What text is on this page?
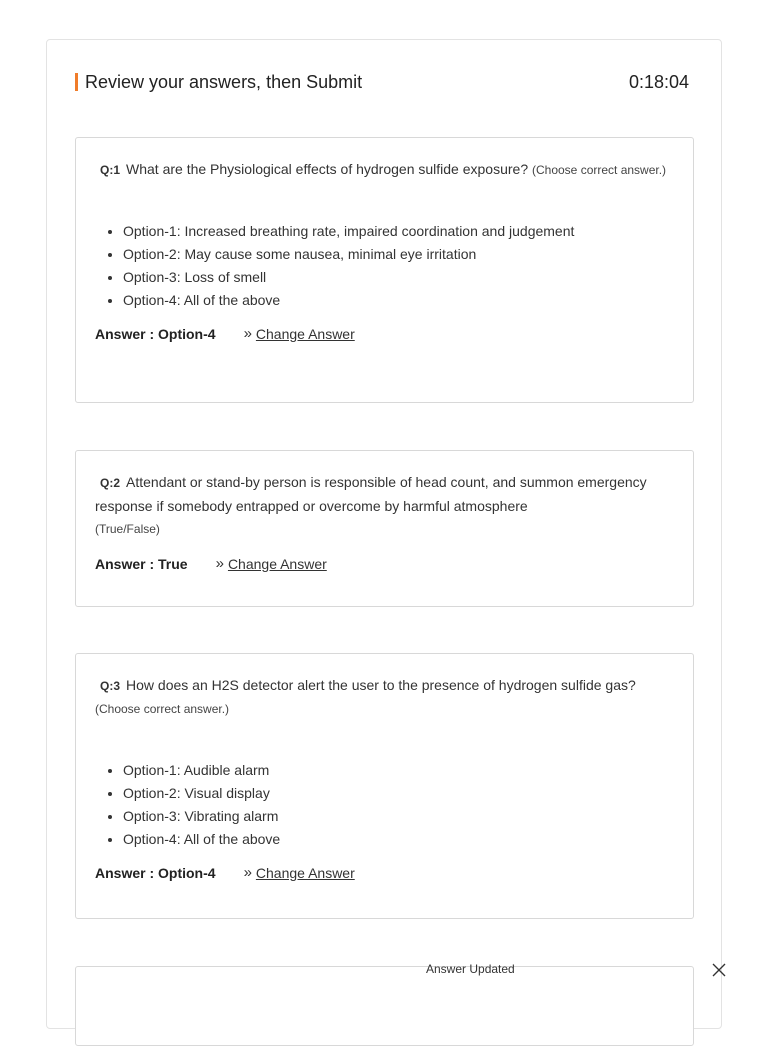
Review your answers, then Submit	0:18:04
Q:1 What are the Physiological effects of hydrogen sulfide exposure? (Choose correct answer.)
• Option-1: Increased breathing rate, impaired coordination and judgement
• Option-2: May cause some nausea, minimal eye irritation
• Option-3: Loss of smell
• Option-4: All of the above
Answer : Option-4 » Change Answer
Q:2 Attendant or stand-by person is responsible of head count, and summon emergency response if somebody entrapped or overcome by harmful atmosphere
(True/False)
Answer : True » Change Answer
Q:3 How does an H2S detector alert the user to the presence of hydrogen sulfide gas?
(Choose correct answer.)
• Option-1: Audible alarm
• Option-2: Visual display
• Option-3: Vibrating alarm
• Option-4: All of the above
Answer : Option-4 » Change Answer
Answer Updated
